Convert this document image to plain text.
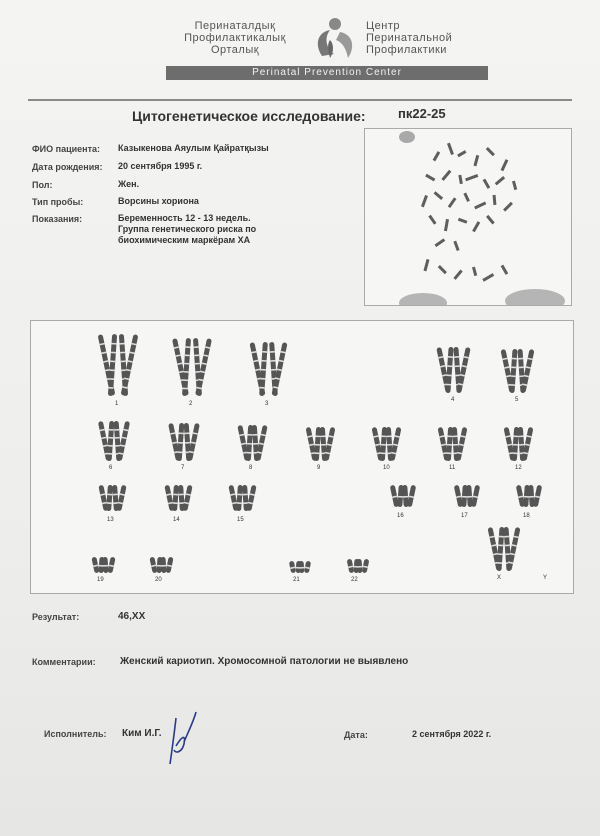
Перинаталдық
Профилактикалық
Орталық
Центр
Перинатальной
Профилактики
Perinatal Prevention Center
Цитогенетическое исследование: пк22-25
ФИО пациента: Казыкенова Аяулым Қайратқызы
Дата рождения: 20 сентября 1995 г.
Пол:	Жен.
Тип пробы:	Ворсины хориона
Показания:	Беременность 12 - 13 недель.
Группа генетического риска по
биохимическим маркёрам ХА
1	2	3
4	5
6	7	8	9	10	11	12
13	14	15
16	17	18
19	20	21	22	X	Y
Результат:	46,XX
Комментарии: Женский кариотип. Хромосомной патологии не выявлено
Исполнитель: Ким И.Г.	Дата:	2 сентября 2022 г.
